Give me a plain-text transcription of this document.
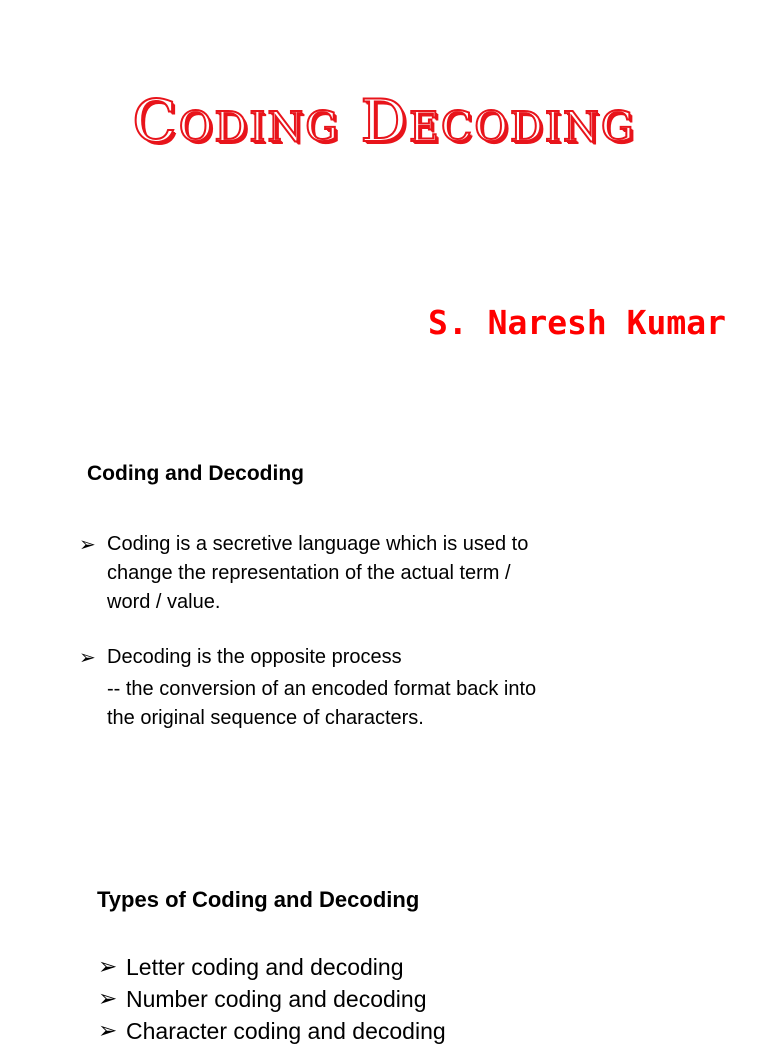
Coding Decoding
S. Naresh Kumar
Coding and Decoding
➢ Coding is a secretive language which is used to change the representation of the actual term / word / value.
➢ Decoding is the opposite process
-- the conversion of an encoded format back into the original sequence of characters.
Types of Coding and Decoding
➢ Letter coding and decoding
➢ Number coding and decoding
➢ Character coding and decoding
